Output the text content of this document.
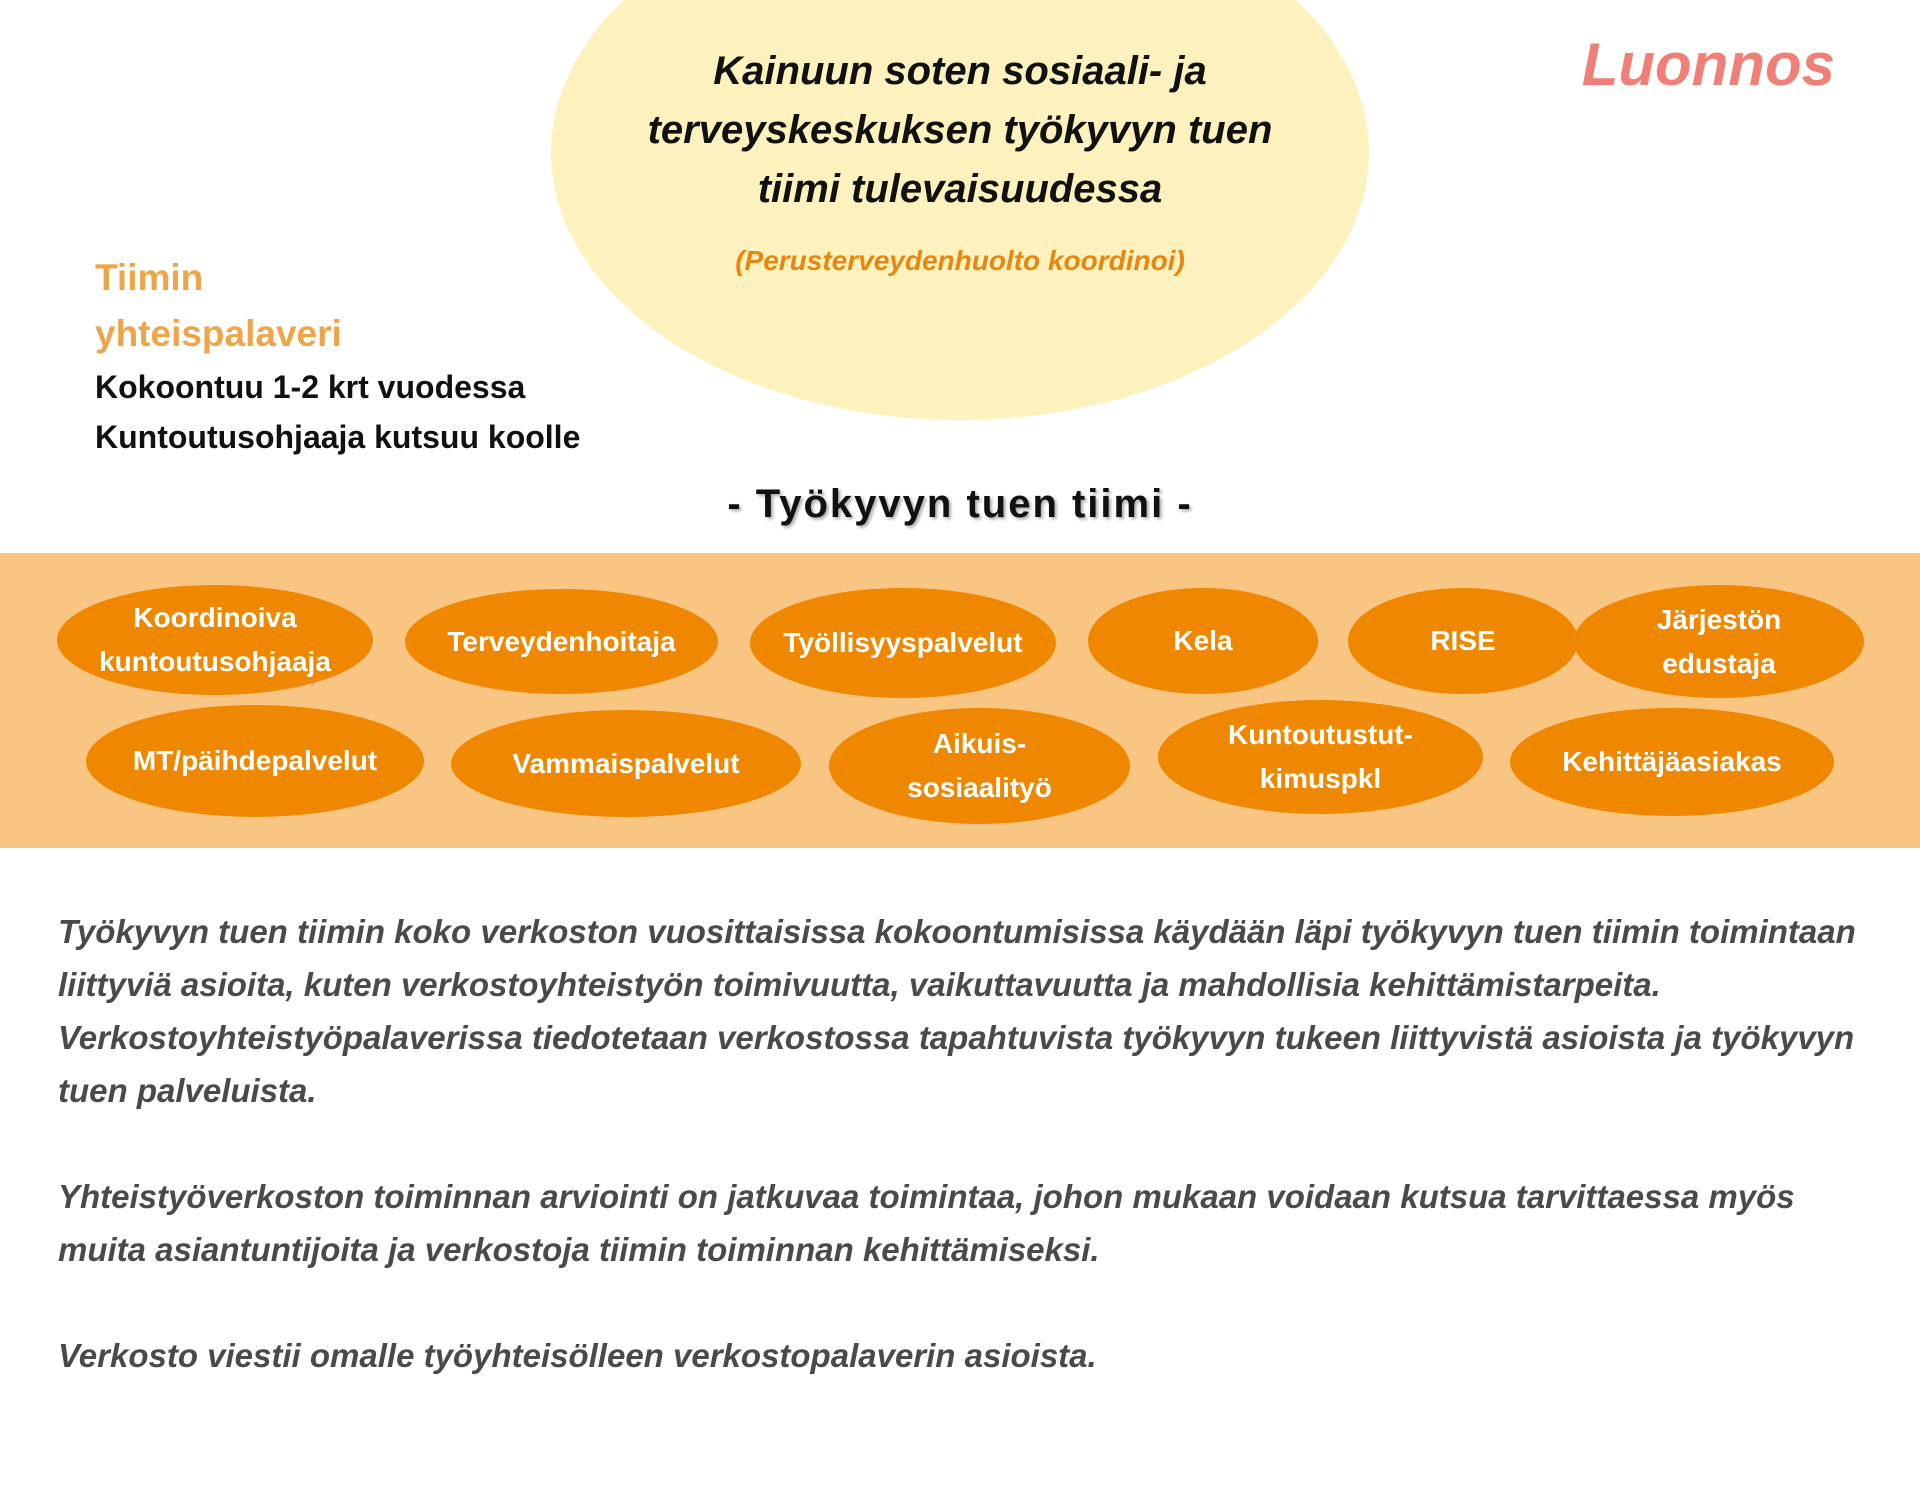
Kainuun soten sosiaali- ja
terveyskeskuksen työkyvyn tuen
tiimi tulevaisuudessa
(Perusterveydenhuolto koordinoi)
Luonnos
Tiimin
yhteispalaveri
Kokoontuu 1-2 krt vuodessa
Kuntoutusohjaaja kutsuu koolle
- Työkyvyn tuen tiimi -
Koordinoiva
kuntoutusohjaaja
Terveydenhoitaja	Työllisyyspalvelut	Kela	RISE
Järjestön
edustaja
MT/päihdepalvelut	Vammaispalvelut
Aikuis-
sosiaalityö
Kuntoutustut-
kimuspkl
Kehittäjäasiakas

Työkyvyn tuen tiimin koko verkoston vuosittaisissa kokoontumisissa käydään läpi työkyvyn tuen tiimin toimintaan liittyviä asioita, kuten verkostoyhteistyön toimivuutta, vaikuttavuutta ja mahdollisia kehittämistarpeita. Verkostoyhteistyöpalaverissa tiedotetaan verkostossa tapahtuvista työkyvyn tukeen liittyvistä asioista ja työkyvyn tuen palveluista.

Yhteistyöverkoston toiminnan arviointi on jatkuvaa toimintaa, johon mukaan voidaan kutsua tarvittaessa myös muita asiantuntijoita ja verkostoja tiimin toiminnan kehittämiseksi.

Verkosto viestii omalle työyhteisölleen verkostopalaverin asioista.
